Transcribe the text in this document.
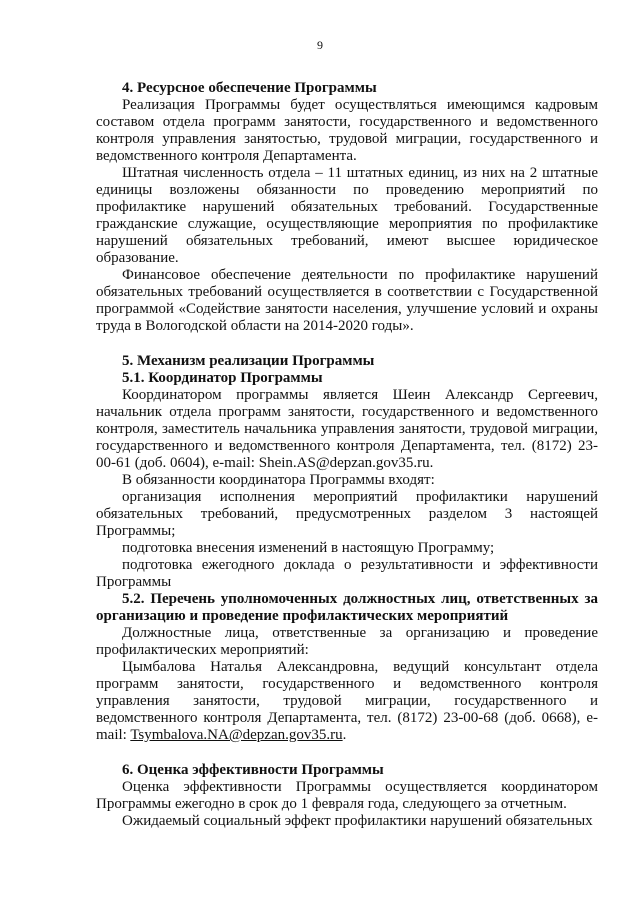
9
4. Ресурсное обеспечение Программы
Реализация Программы будет осуществляться имеющимся кадровым составом отдела программ занятости, государственного и ведомственного контроля управления занятостью, трудовой миграции, государственного и ведомственного контроля Департамента.
Штатная численность отдела – 11 штатных единиц, из них на 2 штатные единицы возложены обязанности по проведению мероприятий по профилактике нарушений обязательных требований. Государственные гражданские служащие, осуществляющие мероприятия по профилактике нарушений обязательных требований, имеют высшее юридическое образование.
Финансовое обеспечение деятельности по профилактике нарушений обязательных требований осуществляется в соответствии с Государственной программой «Содействие занятости населения, улучшение условий и охраны труда в Вологодской области на 2014-2020 годы».
5. Механизм реализации Программы
5.1. Координатор Программы
Координатором программы является Шеин Александр Сергеевич, начальник отдела программ занятости, государственного и ведомственного контроля, заместитель начальника управления занятости, трудовой миграции, государственного и ведомственного контроля Департамента, тел. (8172) 23-00-61 (доб. 0604), e-mail: Shein.AS@depzan.gov35.ru.
В обязанности координатора Программы входят:
организация исполнения мероприятий профилактики нарушений обязательных требований, предусмотренных разделом 3 настоящей Программы;
подготовка внесения изменений в настоящую Программу;
подготовка ежегодного доклада о результативности и эффективности Программы
5.2. Перечень уполномоченных должностных лиц, ответственных за организацию и проведение профилактических мероприятий
Должностные лица, ответственные за организацию и проведение профилактических мероприятий:
Цымбалова Наталья Александровна, ведущий консультант отдела программ занятости, государственного и ведомственного контроля управления занятости, трудовой миграции, государственного и ведомственного контроля Департамента, тел. (8172) 23-00-68 (доб. 0668), e-mail: Tsymbalova.NA@depzan.gov35.ru.
6. Оценка эффективности Программы
Оценка эффективности Программы осуществляется координатором Программы ежегодно в срок до 1 февраля года, следующего за отчетным.
Ожидаемый социальный эффект профилактики нарушений обязательных
